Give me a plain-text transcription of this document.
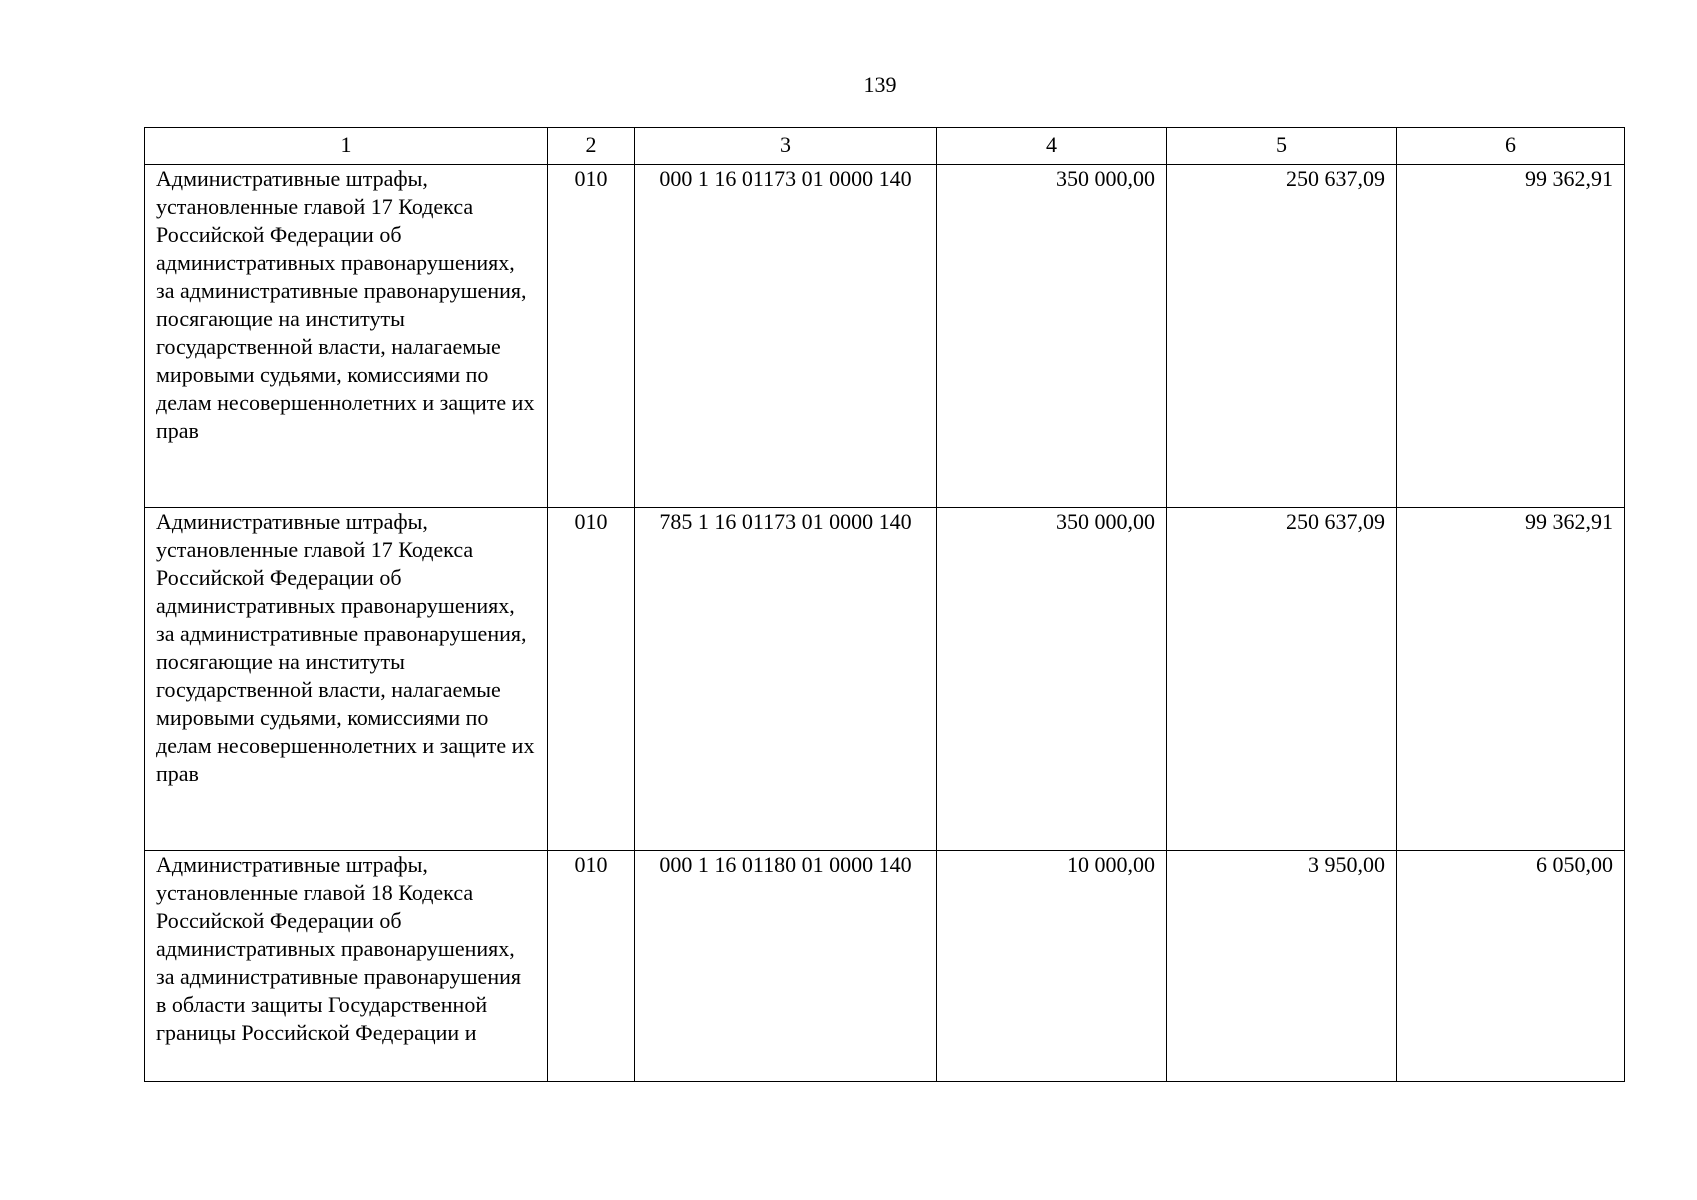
139
1	2	3	4	5	6
Административные штрафы, установленные главой 17 Кодекса Российской Федерации об административных правонарушениях, за административные правонарушения, посягающие на институты государственной власти, налагаемые мировыми судьями, комиссиями по делам несовершеннолетних и защите их прав	010	000 1 16 01173 01 0000 140	350 000,00	250 637,09	99 362,91
Административные штрафы, установленные главой 17 Кодекса Российской Федерации об административных правонарушениях, за административные правонарушения, посягающие на институты государственной власти, налагаемые мировыми судьями, комиссиями по делам несовершеннолетних и защите их прав	010	785 1 16 01173 01 0000 140	350 000,00	250 637,09	99 362,91
Административные штрафы, установленные главой 18 Кодекса Российской Федерации об административных правонарушениях, за административные правонарушения в области защиты Государственной границы Российской Федерации и	010	000 1 16 01180 01 0000 140	10 000,00	3 950,00	6 050,00
